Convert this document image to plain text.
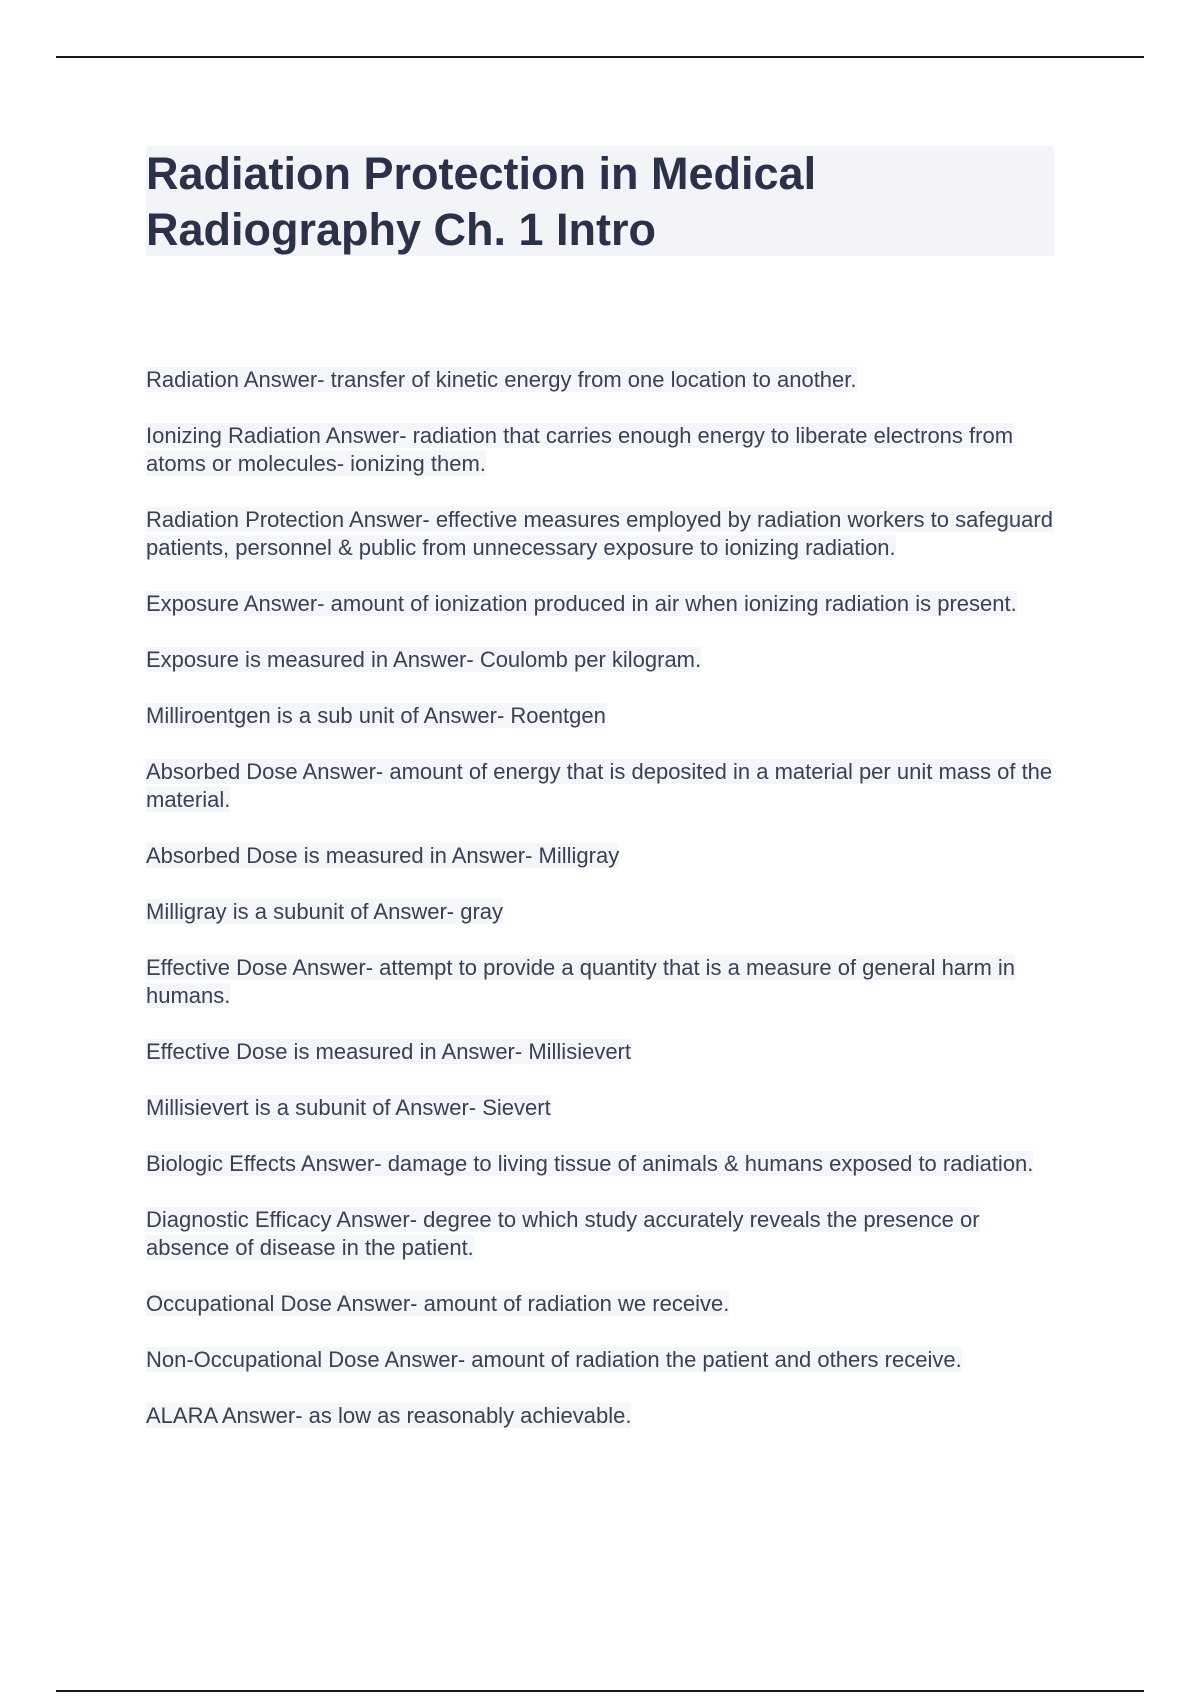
Radiation Protection in Medical Radiography Ch. 1 Intro
Radiation Answer- transfer of kinetic energy from one location to another.
Ionizing Radiation Answer- radiation that carries enough energy to liberate electrons from atoms or molecules- ionizing them.
Radiation Protection Answer- effective measures employed by radiation workers to safeguard patients, personnel & public from unnecessary exposure to ionizing radiation.
Exposure Answer- amount of ionization produced in air when ionizing radiation is present.
Exposure is measured in Answer- Coulomb per kilogram.
Milliroentgen is a sub unit of Answer- Roentgen
Absorbed Dose Answer- amount of energy that is deposited in a material per unit mass of the material.
Absorbed Dose is measured in Answer- Milligray
Milligray is a subunit of Answer- gray
Effective Dose Answer- attempt to provide a quantity that is a measure of general harm in humans.
Effective Dose is measured in Answer- Millisievert
Millisievert is a subunit of Answer- Sievert
Biologic Effects Answer- damage to living tissue of animals & humans exposed to radiation.
Diagnostic Efficacy Answer- degree to which study accurately reveals the presence or absence of disease in the patient.
Occupational Dose Answer- amount of radiation we receive.
Non-Occupational Dose Answer- amount of radiation the patient and others receive.
ALARA Answer- as low as reasonably achievable.
